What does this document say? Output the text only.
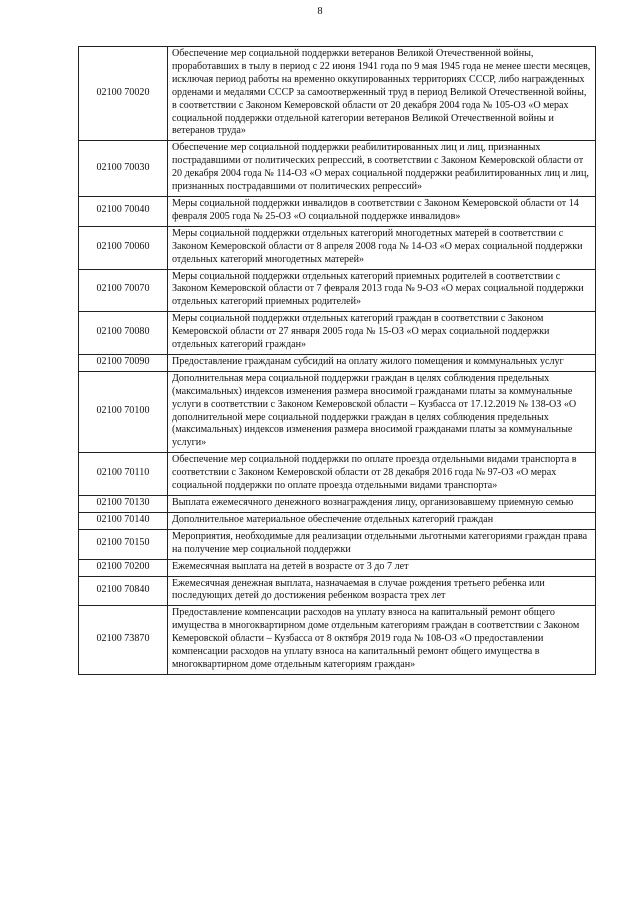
8
02100 70020	Обеспечение мер социальной поддержки ветеранов Великой Отечественной войны, проработавших в тылу в период с 22 июня 1941 года по 9 мая 1945 года не менее шести месяцев, исключая период работы на временно оккупированных территориях СССР, либо награжденных орденами и медалями СССР за самоотверженный труд в период Великой Отечественной войны, в соответствии с Законом Кемеровской области от 20 декабря 2004 года № 105-ОЗ «О мерах социальной поддержки отдельной категории ветеранов Великой Отечественной войны и ветеранов труда»
02100 70030	Обеспечение мер социальной поддержки реабилитированных лиц и лиц, признанных пострадавшими от политических репрессий, в соответствии с Законом Кемеровской области от 20 декабря 2004 года № 114-ОЗ «О мерах социальной поддержки реабилитированных лиц и лиц, признанных пострадавшими от политических репрессий»
02100 70040	Меры социальной поддержки инвалидов в соответствии с Законом Кемеровской области от 14 февраля 2005 года № 25-ОЗ «О социальной поддержке инвалидов»
02100 70060	Меры социальной поддержки отдельных категорий многодетных матерей в соответствии с Законом Кемеровской области от 8 апреля 2008 года № 14-ОЗ «О мерах социальной поддержки отдельных категорий многодетных матерей»
02100 70070	Меры социальной поддержки отдельных категорий приемных родителей в соответствии с Законом Кемеровской области от 7 февраля 2013 года № 9-ОЗ «О мерах социальной поддержки отдельных категорий приемных родителей»
02100 70080	Меры социальной поддержки отдельных категорий граждан в соответствии с Законом Кемеровской области от 27 января 2005 года № 15-ОЗ «О мерах социальной поддержки отдельных категорий граждан»
02100 70090	Предоставление гражданам субсидий на оплату жилого помещения и коммунальных услуг
02100 70100	Дополнительная мера социальной поддержки граждан в целях соблюдения предельных (максимальных) индексов изменения размера вносимой гражданами платы за коммунальные услуги в соответствии с Законом Кемеровской области – Кузбасса от 17.12.2019 № 138-ОЗ «О дополнительной мере социальной поддержки граждан в целях соблюдения предельных (максимальных) индексов изменения размера вносимой гражданами платы за коммунальные услуги»
02100 70110	Обеспечение мер социальной поддержки по оплате проезда отдельными видами транспорта в соответствии с Законом Кемеровской области от 28 декабря 2016 года № 97-ОЗ «О мерах социальной поддержки по оплате проезда отдельными видами транспорта»
02100 70130	Выплата ежемесячного денежного вознаграждения лицу, организовавшему приемную семью
02100 70140	Дополнительное материальное обеспечение отдельных категорий граждан
02100 70150	Мероприятия, необходимые для реализации отдельными льготными категориями граждан права на получение мер социальной поддержки
02100 70200	Ежемесячная выплата на детей в возрасте от 3 до 7 лет
02100 70840	Ежемесячная денежная выплата, назначаемая в случае рождения третьего ребенка или последующих детей до достижения ребенком возраста трех лет
02100 73870	Предоставление компенсации расходов на уплату взноса на капитальный ремонт общего имущества в многоквартирном доме отдельным категориям граждан в соответствии с Законом Кемеровской области – Кузбасса от 8 октября 2019 года № 108-ОЗ «О предоставлении компенсации расходов на уплату взноса на капитальный ремонт общего имущества в многоквартирном доме отдельным категориям граждан»
